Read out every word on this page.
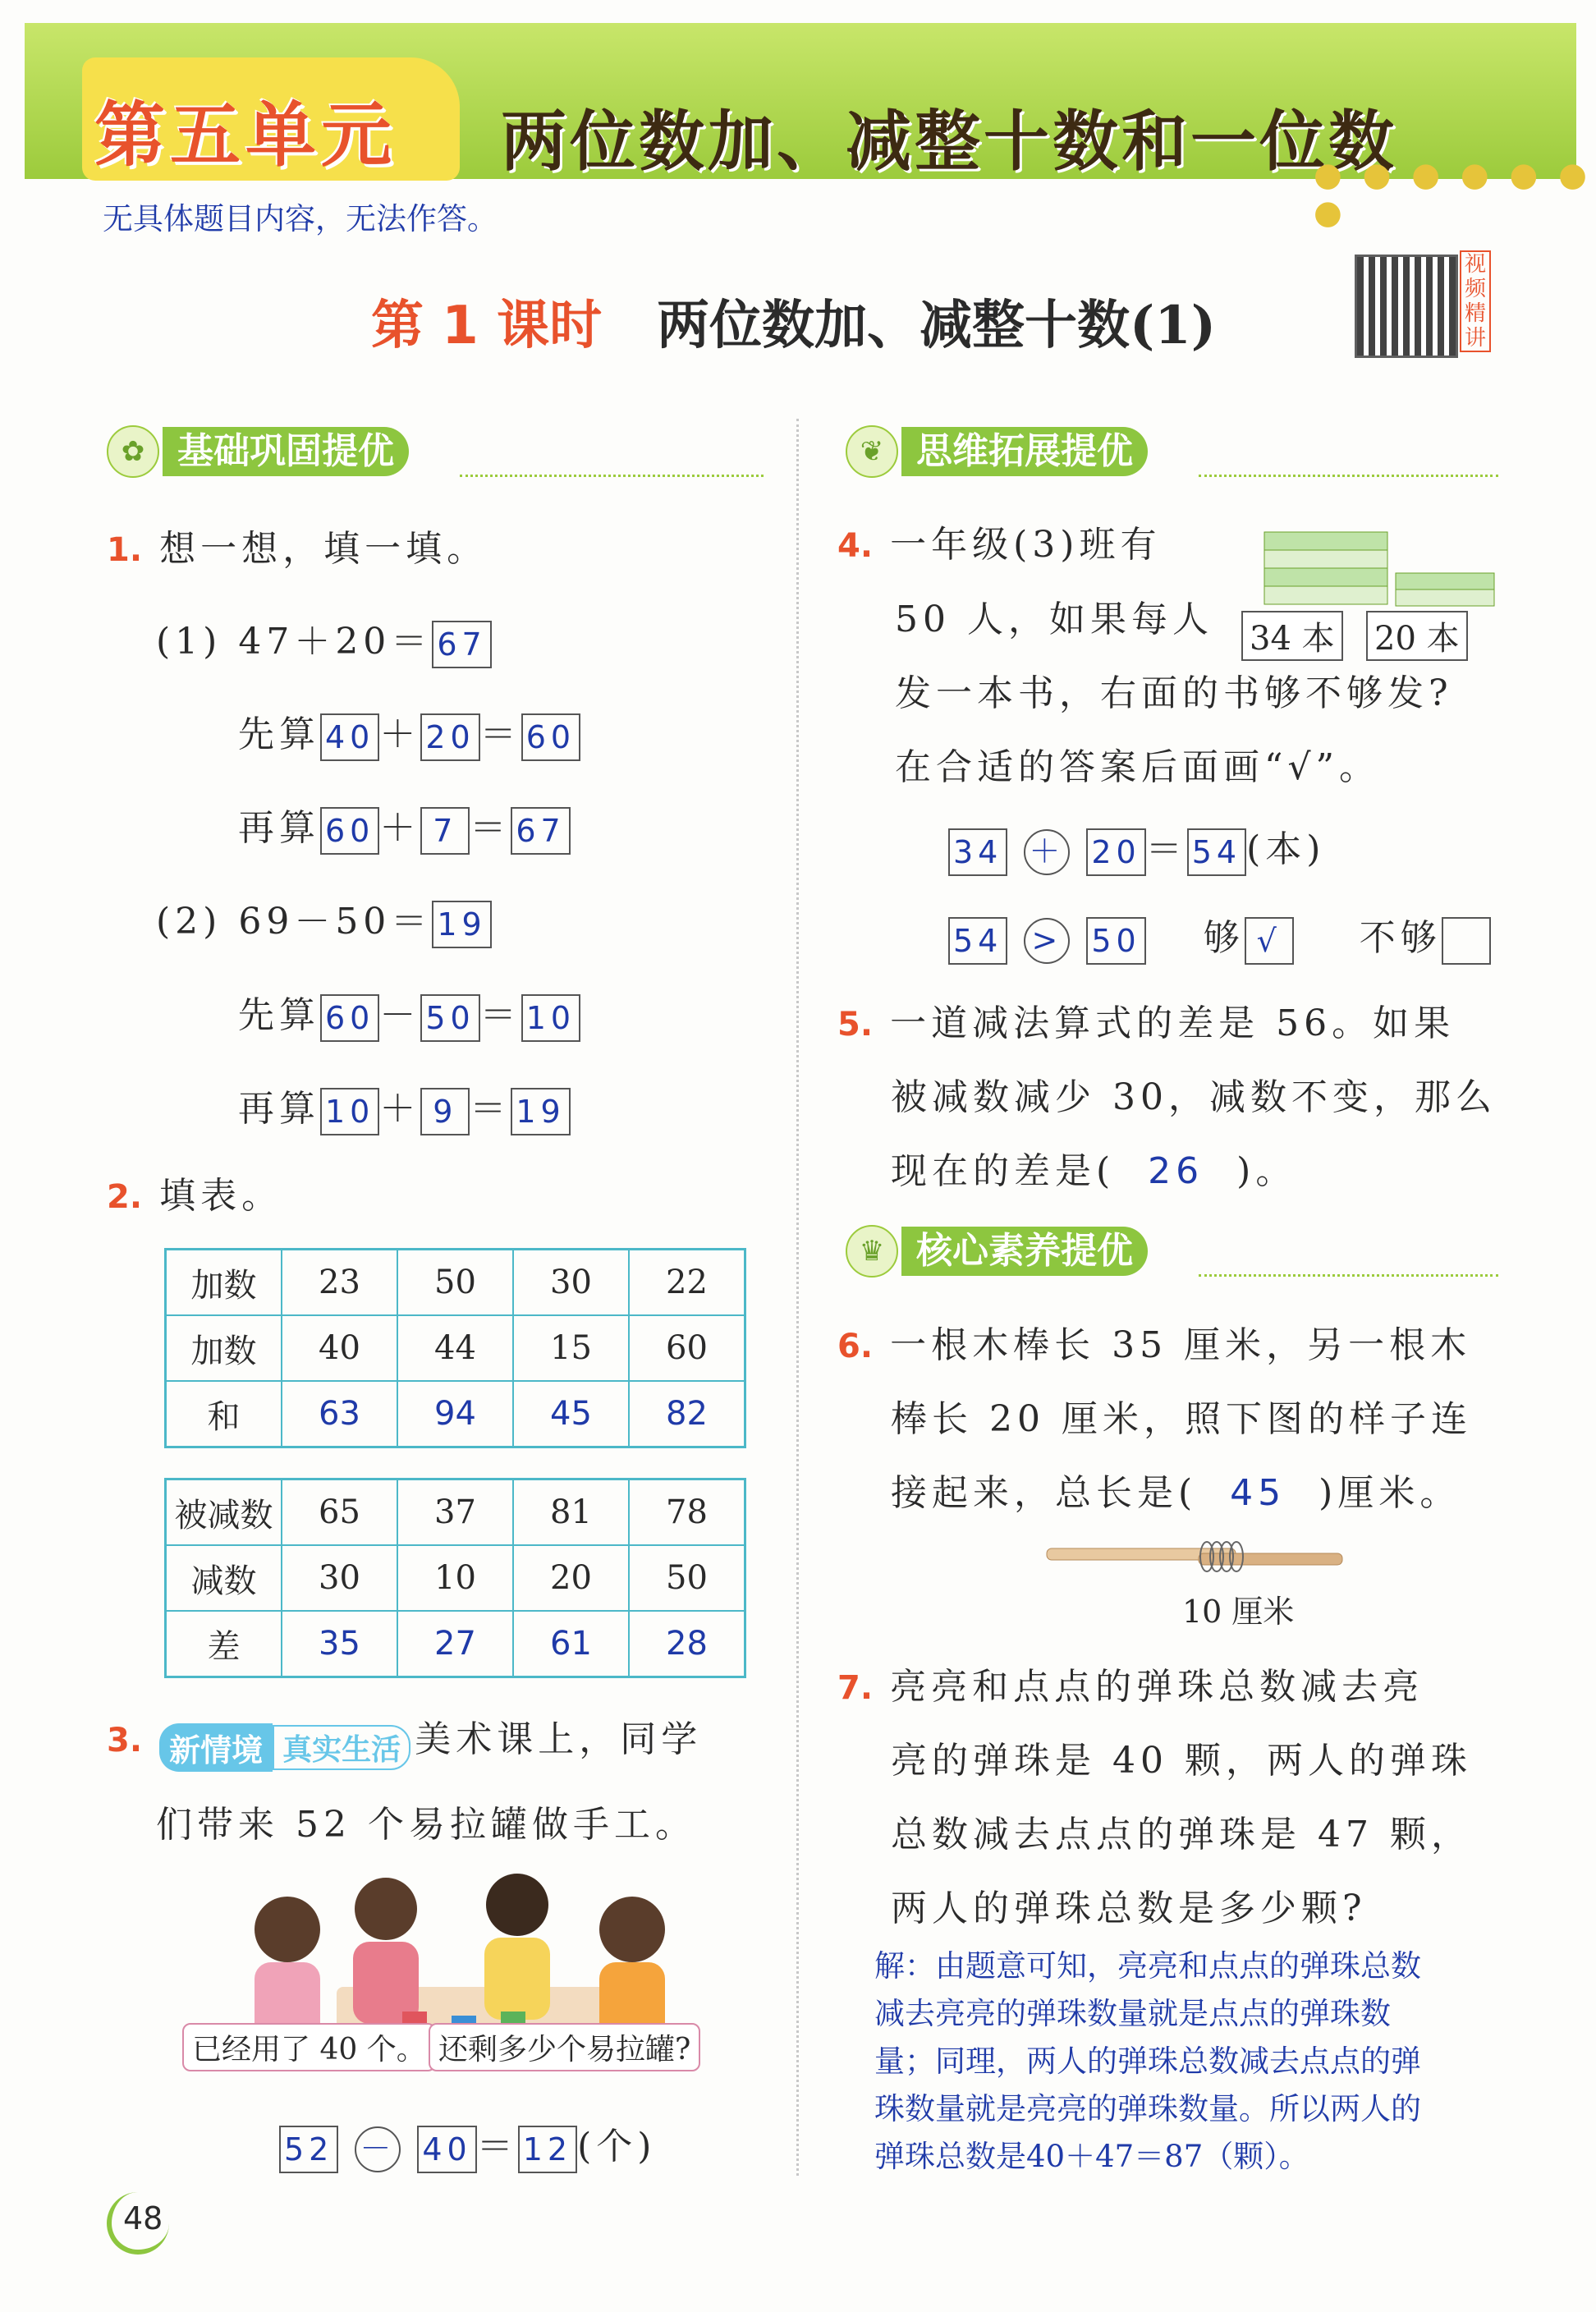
第五单元 两位数加、减整十数和一位数
● ● ● ● ● ● ●
无具体题目内容，无法作答。
第 1 课时 两位数加、减整十数(1)
视频精讲
✿ 基础巩固提优
1. 想一想，填一填。
(1) 47＋20＝ 67
先算 40 ＋ 20 ＝ 60
再算 60 ＋ 7 ＝ 67
(2) 69－50＝ 19
先算 60 － 50 ＝ 10
再算 10 ＋ 9 ＝ 19
2. 填表。
加数	23	50	30	22
加数	40	44	15	60
和	63	94	45	82
被减数	65	37	81	78
减数	30	10	20	50
差	35	27	61	28
3. 新情境 真实生活 美术课上，同学
们带来 52 个易拉罐做手工。
已经用了 40 个。 还剩多少个易拉罐?
52 － 40 ＝ 12 (个)
48
❦ 思维拓展提优
4. 一年级(3)班有
50 人，如果每人 34 本 20 本
发一本书，右面的书够不够发?
在合适的答案后面画“√”。
34 ＋ 20 ＝ 54 (本)
54 > 50 够 √ 不够
5. 一道减法算式的差是 56。如果
被减数减少 30，减数不变，那么
现在的差是( 26 )。
♛ 核心素养提优
6. 一根木棒长 35 厘米，另一根木
棒长 20 厘米，照下图的样子连
接起来，总长是( 45 )厘米。
10 厘米
7. 亮亮和点点的弹珠总数减去亮
亮的弹珠是 40 颗，两人的弹珠
总数减去点点的弹珠是 47 颗，
两人的弹珠总数是多少颗?
解：由题意可知，亮亮和点点的弹珠总数
减去亮亮的弹珠数量就是点点的弹珠数
量；同理，两人的弹珠总数减去点点的弹
珠数量就是亮亮的弹珠数量。所以两人的
弹珠总数是40＋47＝87（颗）。
